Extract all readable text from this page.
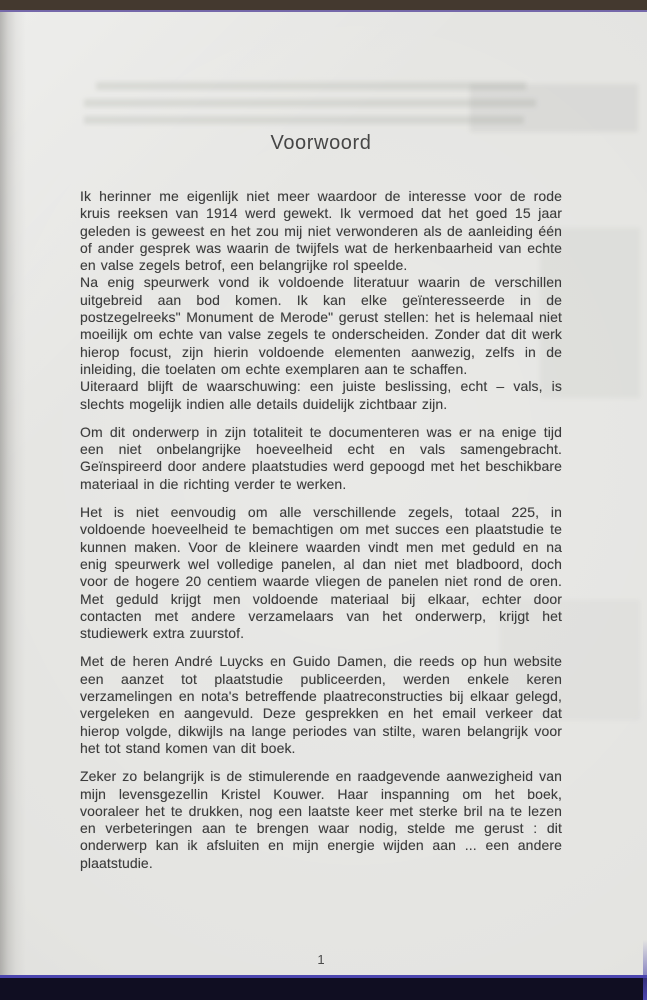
Voorwoord

Ik herinner me eigenlijk niet meer waardoor de interesse voor de rode kruis reeksen van 1914 werd gewekt. Ik vermoed dat het goed 15 jaar geleden is geweest en het zou mij niet verwonderen als de aanleiding één of ander gesprek was waarin de twijfels wat de herkenbaarheid van echte en valse zegels betrof, een belangrijke rol speelde.

Na enig speurwerk vond ik voldoende literatuur waarin de verschillen uitgebreid aan bod komen. Ik kan elke geïnteresseerde in de postzegelreeks" Monument de Merode" gerust stellen: het is helemaal niet moeilijk om echte van valse zegels te onderscheiden. Zonder dat dit werk hierop focust, zijn hierin voldoende elementen aanwezig, zelfs in de inleiding, die toelaten om echte exemplaren aan te schaffen.

Uiteraard blijft de waarschuwing: een juiste beslissing, echt – vals, is slechts mogelijk indien alle details duidelijk zichtbaar zijn.

Om dit onderwerp in zijn totaliteit te documenteren was er na enige tijd een niet onbelangrijke hoeveelheid echt en vals samengebracht. Geïnspireerd door andere plaatstudies werd gepoogd met het beschikbare materiaal in die richting verder te werken.

Het is niet eenvoudig om alle verschillende zegels, totaal 225, in voldoende hoeveelheid te bemachtigen om met succes een plaatstudie te kunnen maken. Voor de kleinere waarden vindt men met geduld en na enig speurwerk wel volledige panelen, al dan niet met bladboord, doch voor de hogere 20 centiem waarde vliegen de panelen niet rond de oren. Met geduld krijgt men voldoende materiaal bij elkaar, echter door contacten met andere verzamelaars van het onderwerp, krijgt het studiewerk extra zuurstof.

Met de heren André Luycks en Guido Damen, die reeds op hun website een aanzet tot plaatstudie publiceerden, werden enkele keren verzamelingen en nota's betreffende plaatreconstructies bij elkaar gelegd, vergeleken en aangevuld. Deze gesprekken en het email verkeer dat hierop volgde, dikwijls na lange periodes van stilte, waren belangrijk voor het tot stand komen van dit boek.

Zeker zo belangrijk is de stimulerende en raadgevende aanwezigheid van mijn levensgezellin Kristel Kouwer. Haar inspanning om het boek, vooraleer het te drukken, nog een laatste keer met sterke bril na te lezen en verbeteringen aan te brengen waar nodig, stelde me gerust : dit onderwerp kan ik afsluiten en mijn energie wijden aan ... een andere plaatstudie.

1
